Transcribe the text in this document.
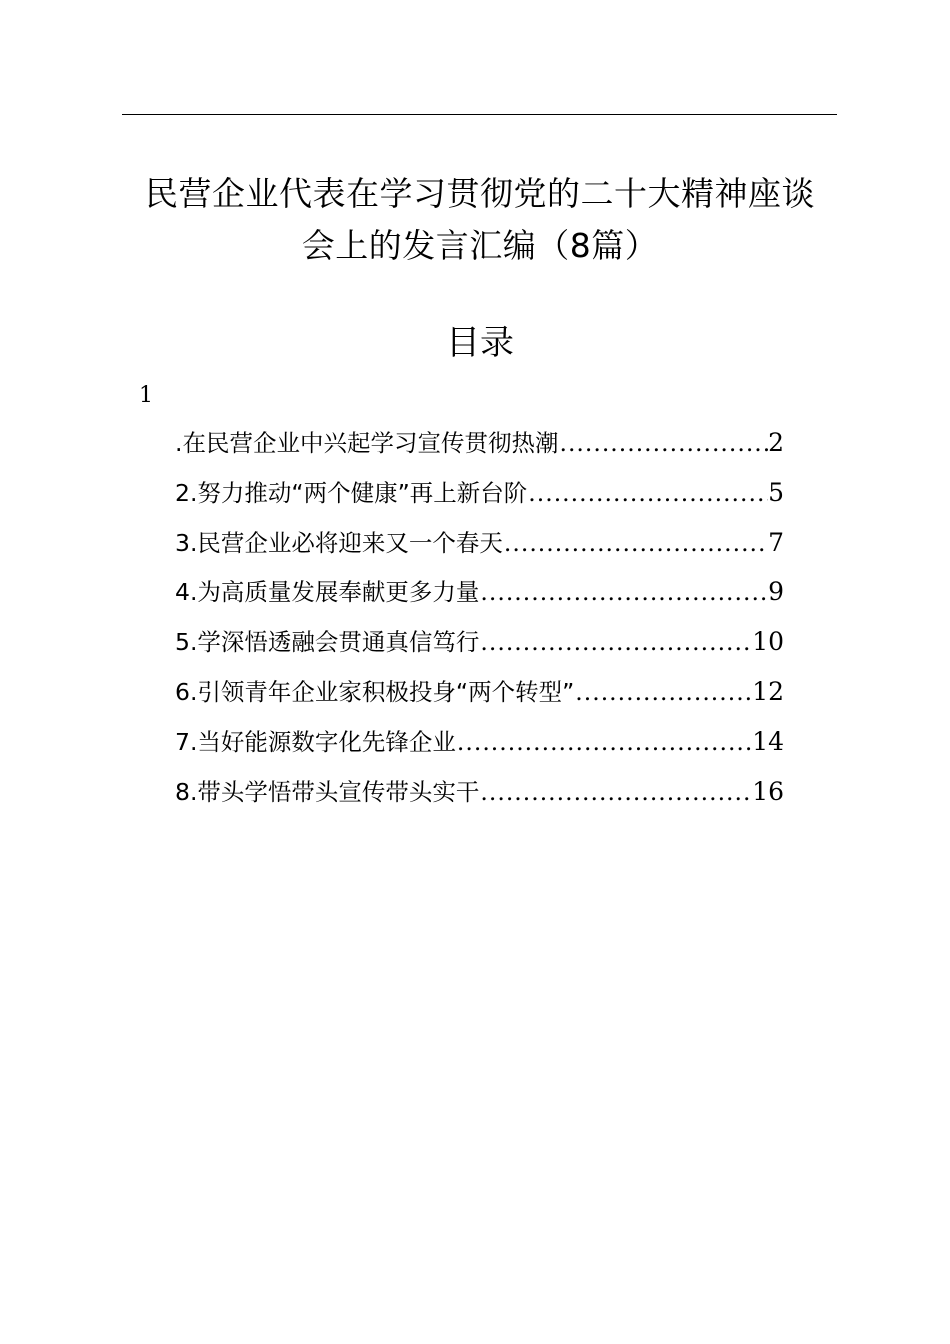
民营企业代表在学习贯彻党的二十大精神座谈
会上的发言汇编（8篇）
目录
1
.在民营企业中兴起学习宣传贯彻热潮 .....	2
2.努力推动“两个健康”再上新台阶 .....	5
3.民营企业必将迎来又一个春天 .....	7
4.为高质量发展奉献更多力量 .....	9
5.学深悟透融会贯通真信笃行 .....	10
6.引领青年企业家积极投身“两个转型” .....	12
7.当好能源数字化先锋企业 .....	14
8.带头学悟带头宣传带头实干 .....	16
